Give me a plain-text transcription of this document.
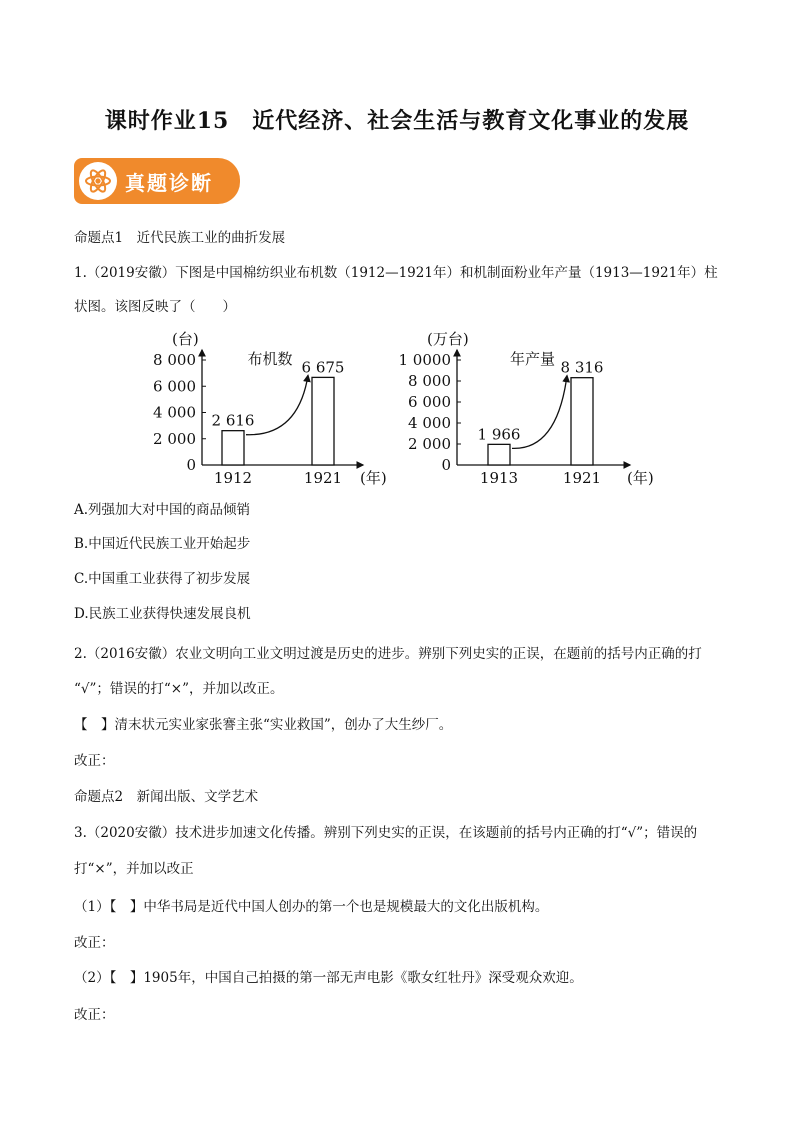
课时作业15　近代经济、社会生活与教育文化事业的发展
真题诊断
命题点1　近代民族工业的曲折发展
1.（2019安徽）下图是中国棉纺织业布机数（1912—1921年）和机制面粉业年产量（1913—1921年）柱
状图。该图反映了（　　）
(台)
0
2 000
4 000
6 000
8 000
2 616
1912
6 675
1921 (年)
布机数
(万台)
0
2 000
4 000
6 000
8 000
1 0000
1 966
1913
8 316
1921 (年)
年产量
A.列强加大对中国的商品倾销
B.中国近代民族工业开始起步
C.中国重工业获得了初步发展
D.民族工业获得快速发展良机
2.（2016安徽）农业文明向工业文明过渡是历史的进步。辨别下列史实的正误，在题前的括号内正确的打
“√”；错误的打“×”，并加以改正。
【　】清末状元实业家张謇主张“实业救国”，创办了大生纱厂。
改正：
命题点2　新闻出版、文学艺术
3.（2020安徽）技术进步加速文化传播。辨别下列史实的正误，在该题前的括号内正确的打“√”；错误的
打“×”，并加以改正
（1）【　】中华书局是近代中国人创办的第一个也是规模最大的文化出版机构。
改正：
（2）【　】1905年，中国自己拍摄的第一部无声电影《歌女红牡丹》深受观众欢迎。
改正：
